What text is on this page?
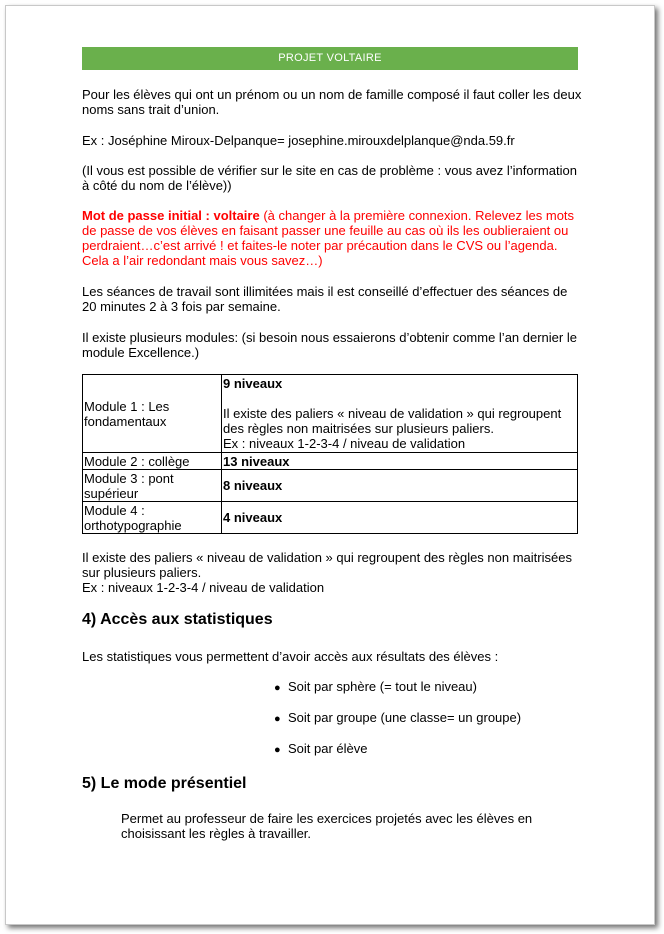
PROJET VOLTAIRE

Pour les élèves qui ont un prénom ou un nom de famille composé il faut coller les deux noms sans trait d’union.

Ex : Joséphine Miroux-Delpanque= josephine.mirouxdelplanque@nda.59.fr

(Il vous est possible de vérifier sur le site en cas de problème : vous avez l’information à côté du nom de l’élève))

Mot de passe initial : voltaire (à changer à la première connexion. Relevez les mots de passe de vos élèves en faisant passer une feuille au cas où ils les oublieraient ou perdraient…c’est arrivé ! et faites-le noter par précaution dans le CVS ou l’agenda. Cela a l’air redondant mais vous savez…)

Les séances de travail sont illimitées mais il est conseillé d’effectuer des séances de 20 minutes 2 à 3 fois par semaine.

Il existe plusieurs modules: (si besoin nous essaierons d’obtenir comme l’an dernier le module Excellence.)

Module 1 : Les fondamentaux	9 niveaux
Il existe des paliers « niveau de validation » qui regroupent des règles non maitrisées sur plusieurs paliers.
Ex : niveaux 1-2-3-4 / niveau de validation

Module 2 : collège	13 niveaux
Module 3 : pont supérieur	8 niveaux
Module 4 : orthotypographie	4 niveaux

Il existe des paliers « niveau de validation » qui regroupent des règles non maitrisées sur plusieurs paliers.
Ex : niveaux 1-2-3-4 / niveau de validation

4) Accès aux statistiques

Les statistiques vous permettent d’avoir accès aux résultats des élèves :

● Soit par sphère (= tout le niveau)
● Soit par groupe (une classe= un groupe)
● Soit par élève
5) Le mode présentiel

Permet au professeur de faire les exercices projetés avec les élèves en choisissant les règles à travailler.
